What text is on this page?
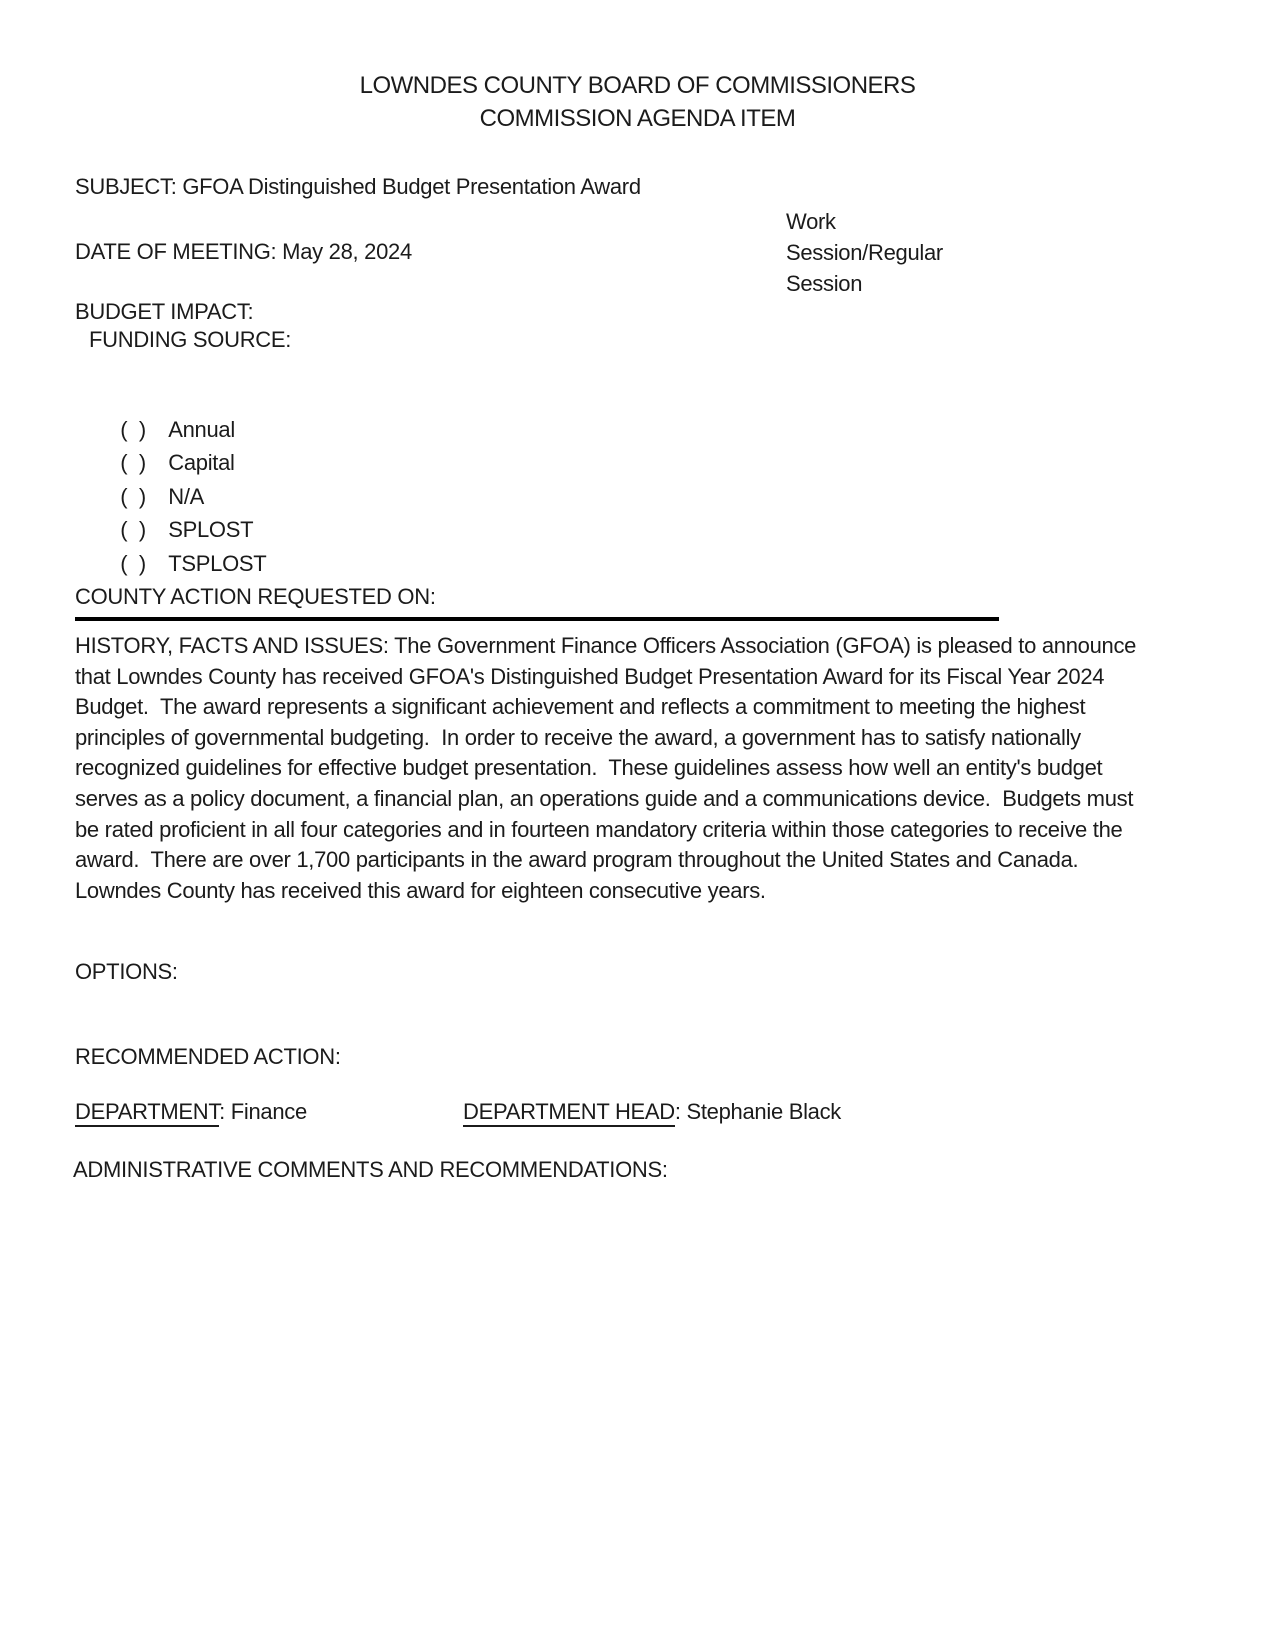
LOWNDES COUNTY BOARD OF COMMISSIONERS
COMMISSION AGENDA ITEM
SUBJECT: GFOA Distinguished Budget Presentation Award
Work Session/Regular Session
DATE OF MEETING: May 28, 2024
BUDGET IMPACT:
FUNDING SOURCE:

(  ) Annual

(  ) Capital

(  ) N/A

(  ) SPLOST

(  ) TSPLOST

COUNTY ACTION REQUESTED ON:
HISTORY, FACTS AND ISSUES: The Government Finance Officers Association (GFOA) is pleased to announce that Lowndes County has received GFOA's Distinguished Budget Presentation Award for its Fiscal Year 2024 Budget.  The award represents a significant achievement and reflects a commitment to meeting the highest principles of governmental budgeting.  In order to receive the award, a government has to satisfy nationally recognized guidelines for effective budget presentation.  These guidelines assess how well an entity's budget serves as a policy document, a financial plan, an operations guide and a communications device.  Budgets must be rated proficient in all four categories and in fourteen mandatory criteria within those categories to receive the award.  There are over 1,700 participants in the award program throughout the United States and Canada.  Lowndes County has received this award for eighteen consecutive years.
OPTIONS:
RECOMMENDED ACTION:
DEPARTMENT: Finance	DEPARTMENT HEAD: Stephanie Black
ADMINISTRATIVE COMMENTS AND RECOMMENDATIONS:
